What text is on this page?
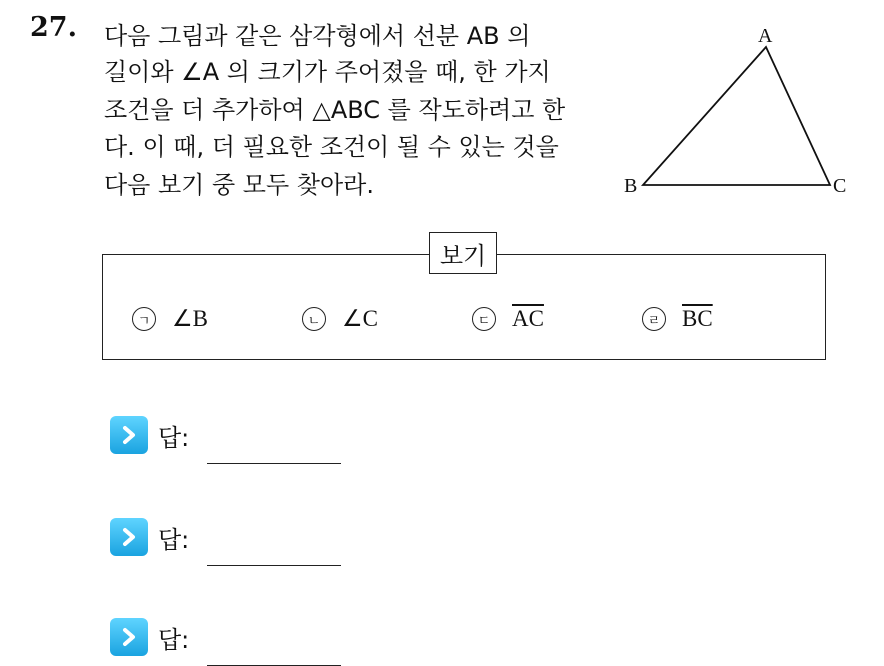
27. 다음 그림과 같은 삼각형에서 선분 AB 의
길이와 ∠A 의 크기가 주어졌을 때, 한 가지
조건을 더 추가하여 △ABC 를 작도하려고 한
다. 이 때, 더 필요한 조건이 될 수 있는 것을
다음 보기 중 모두 찾아라.
A
B	C
보기
ㄱ ∠B	ㄴ ∠C	ㄷ $\overline{AC}$	ㄹ $\overline{BC}$
답:
답:
답:
